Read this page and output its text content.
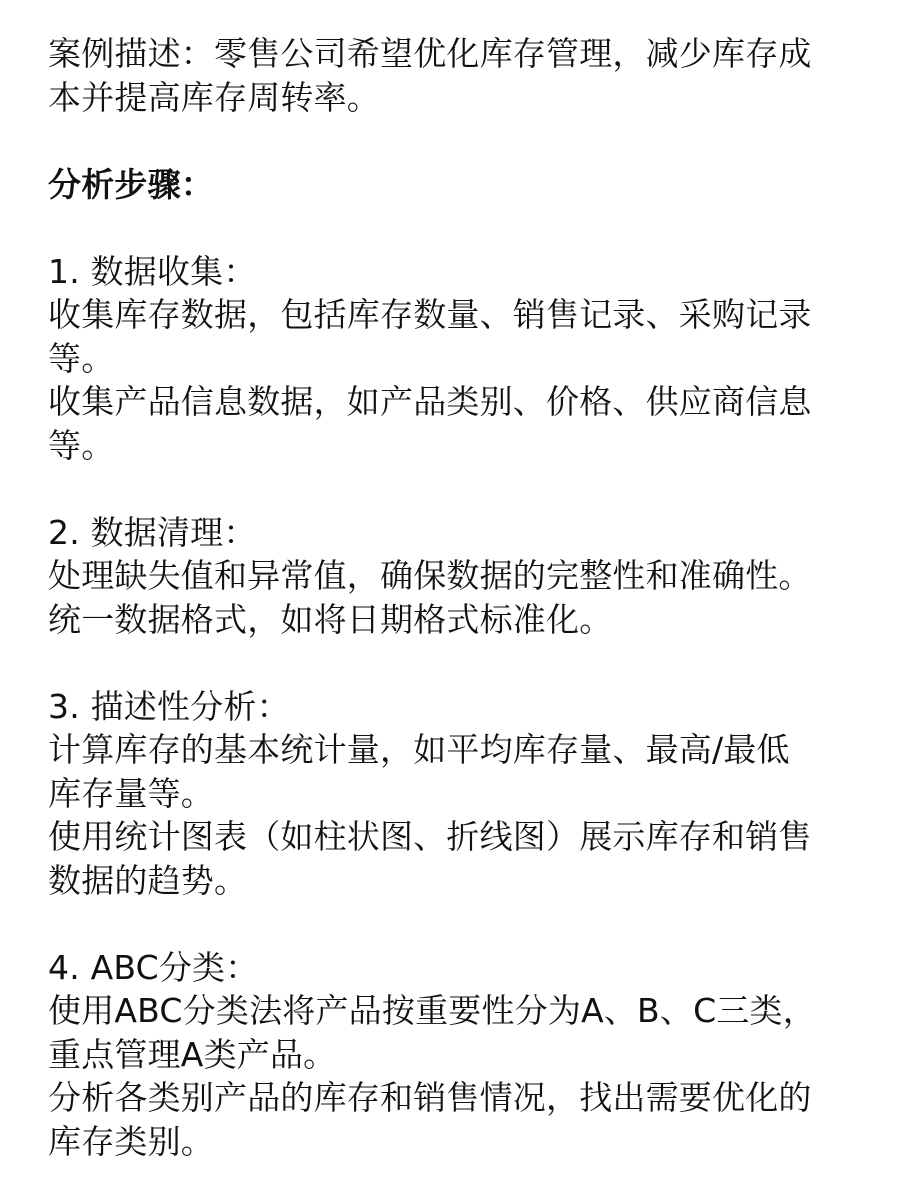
案例描述：零售公司希望优化库存管理，减少库存成
本并提高库存周转率。
分析步骤：
1. 数据收集：
收集库存数据，包括库存数量、销售记录、采购记录
等。
收集产品信息数据，如产品类别、价格、供应商信息
等。
2. 数据清理：
处理缺失值和异常值，确保数据的完整性和准确性。
统一数据格式，如将日期格式标准化。
3. 描述性分析：
计算库存的基本统计量，如平均库存量、最高/最低
库存量等。
使用统计图表（如柱状图、折线图）展示库存和销售
数据的趋势。
4. ABC分类：
使用ABC分类法将产品按重要性分为A、B、C三类，
重点管理A类产品。
分析各类别产品的库存和销售情况，找出需要优化的
库存类别。
